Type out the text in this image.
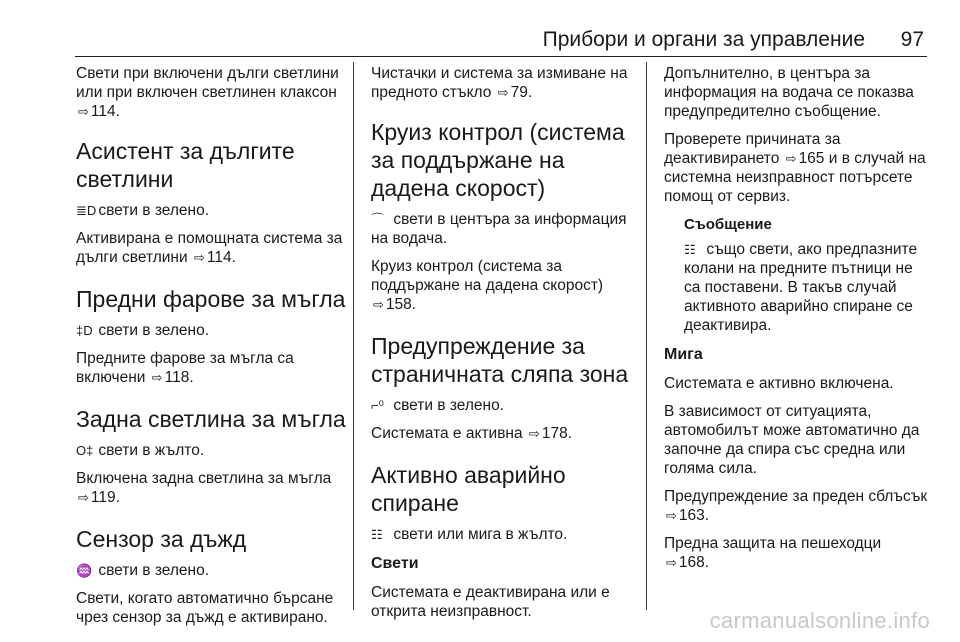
Прибори и органи за управление 97

Свети при включени дълги светлини или при включен светлинен клаксон ⇨ 114.

Асистент за дългите светлини

≣D свети в зелено.

Активирана е помощната система за дълги светлини ⇨ 114.

Предни фарове за мъгла

‡D свети в зелено.

Предните фарове за мъгла са включени ⇨ 118.

Задна светлина за мъгла

O‡ свети в жълто.

Включена задна светлина за мъгла ⇨ 119.

Сензор за дъжд

♒ свети в зелено.

Свети, когато автоматично бърсане чрез сензор за дъжд е активирано.

Чистачки и система за измиване на предното стъкло ⇨ 79.

Круиз контрол (система за поддържане на дадена скорост)

⌒ свети в центъра за информация на водача.

Круиз контрол (система за поддържане на дадена скорост) ⇨ 158.

Предупреждение за страничната сляпа зона

⌐⁰ свети в зелено.

Системата е активна ⇨ 178.

Активно аварийно спиране

☷ свети или мига в жълто.

Свети

Системата е деактивирана или е открита неизправност.

Допълнително, в центъра за информация на водача се показва предупредително съобщение.

Проверете причината за деактивирането ⇨ 165 и в случай на системна неизправност потърсете помощ от сервиз.

Съобщение

☷ също свети, ако предпазните колани на предните пътници не са поставени. В такъв случай активното аварийно спиране се деактивира.

Мига

Системата е активно включена.

В зависимост от ситуацията, автомобилът може автоматично да започне да спира със средна или голяма сила.

Предупреждение за преден сблъсък ⇨ 163.

Предна защита на пешеходци
⇨ 168.

carmanualsonline.info
